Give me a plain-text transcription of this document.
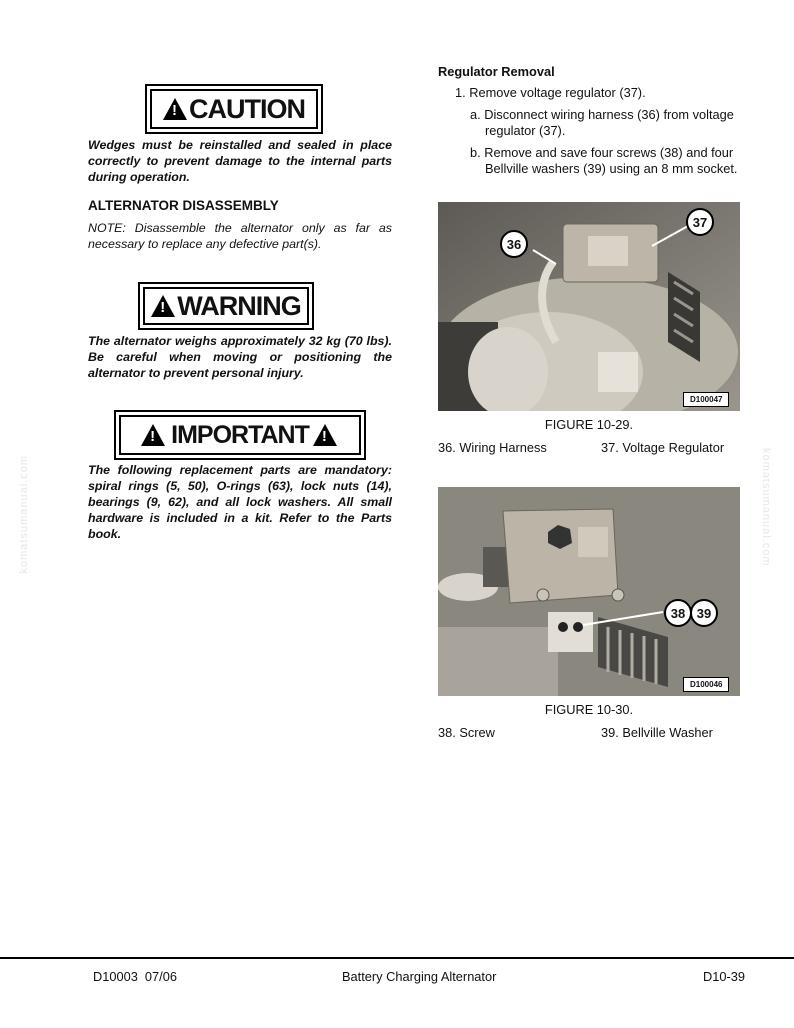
!
CAUTION
Wedges must be reinstalled and sealed in place correctly to prevent damage to the internal parts during operation.
ALTERNATOR DISASSEMBLY
NOTE: Disassemble the alternator only as far as necessary to replace any defective part(s).
!
WARNING
The alternator weighs approximately 32 kg (70 lbs). Be careful when moving or positioning the alternator to prevent personal injury.
!
IMPORTANT
!
The following replacement parts are mandatory: spiral rings (5, 50), O-rings (63), lock nuts (14), bearings (9, 62), and all lock washers. All small hardware is included in a kit. Refer to the Parts book.
Regulator Removal
1. Remove voltage regulator (37).
a. Disconnect wiring harness (36) from voltage
regulator (37).
b. Remove and save four screws (38) and four
Bellville washers (39) using an 8 mm socket.
36
37
D100047
FIGURE 10-29.
36. Wiring Harness	37. Voltage Regulator
38 39
D100046
FIGURE 10-30.
38. Screw	39. Bellville Washer
komatsumanual.com	komatsumanual.com
D10003  07/06	Battery Charging Alternator	D10-39
